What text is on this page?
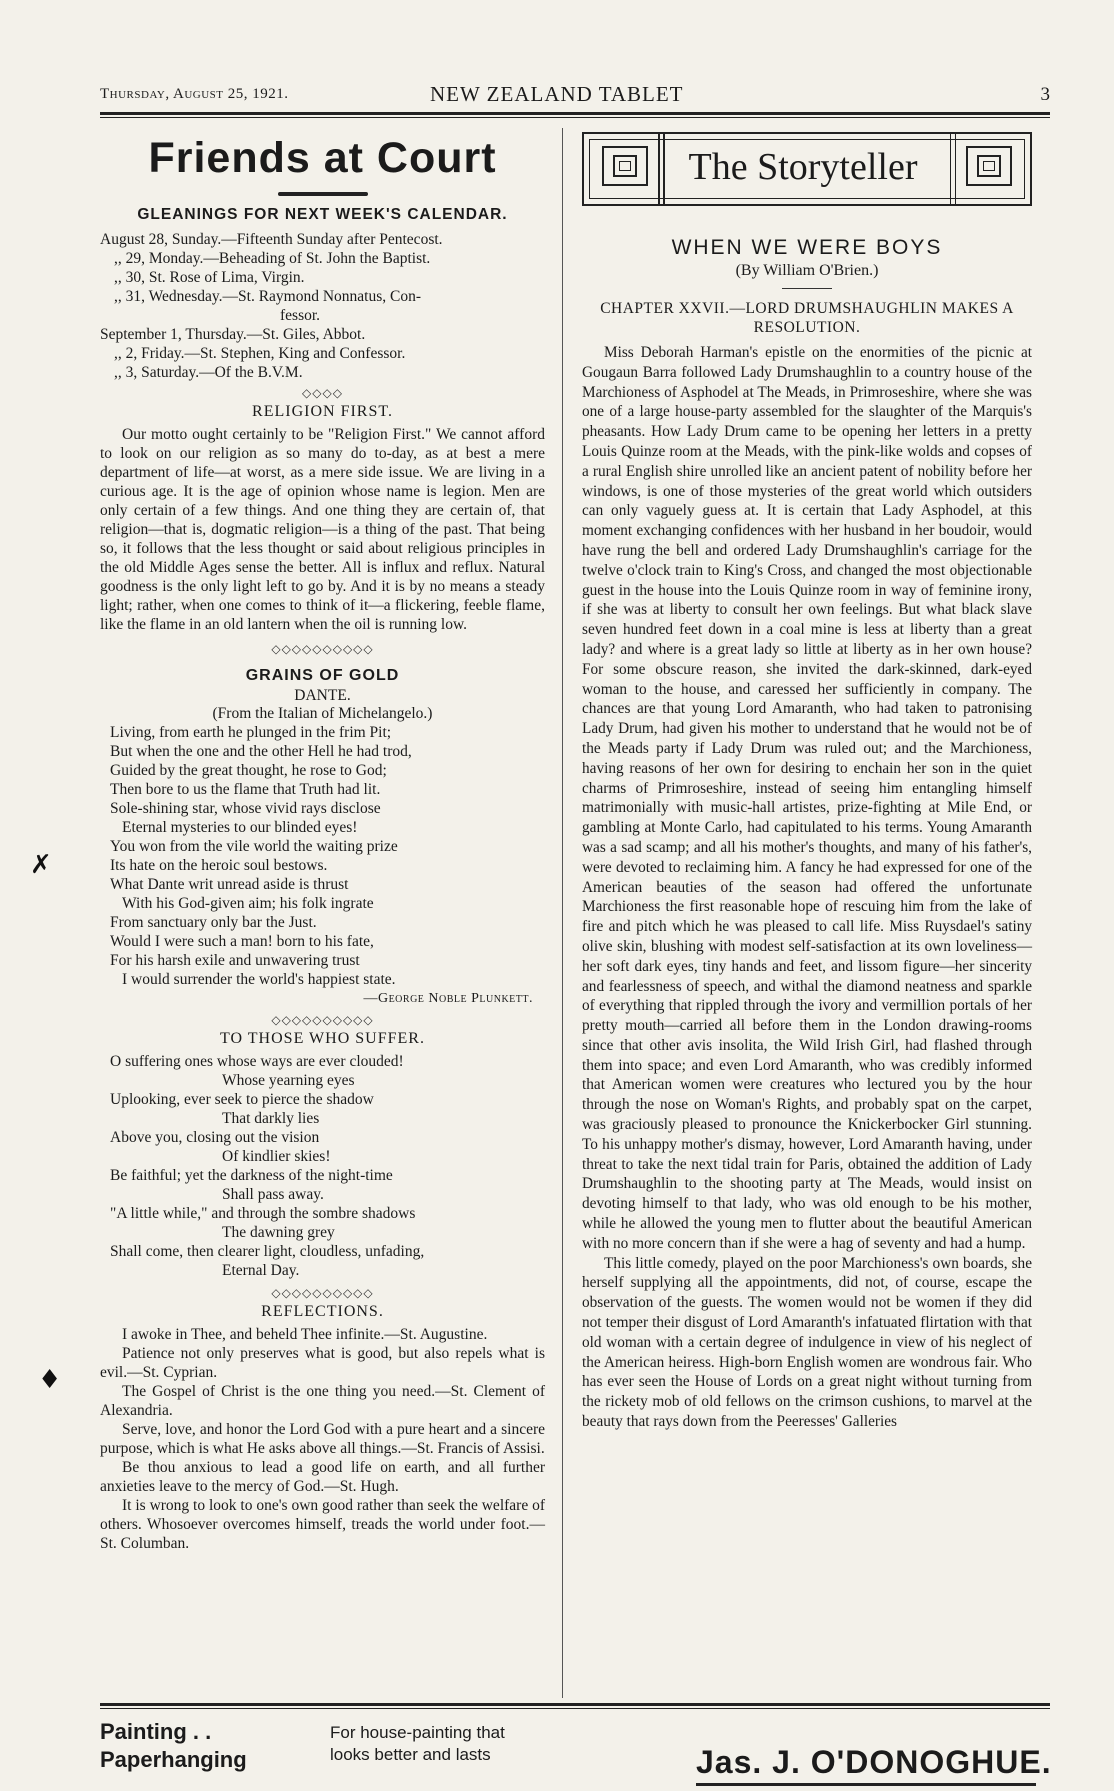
Thursday, August 25, 1921.	NEW ZEALAND TABLET	3
Friends at Court
GLEANINGS FOR NEXT WEEK'S CALENDAR.
August 28, Sunday.—Fifteenth Sunday after Pentecost.
,, 29, Monday.—Beheading of St. John the Baptist.
,, 30, St. Rose of Lima, Virgin.
,, 31, Wednesday.—St. Raymond Nonnatus, Con-
fessor.
September 1, Thursday.—St. Giles, Abbot.
,, 2, Friday.—St. Stephen, King and Confessor.
,, 3, Saturday.—Of the B.V.M.
◇◇◇◇
RELIGION FIRST.

Our motto ought certainly to be "Religion First." We cannot afford to look on our religion as so many do to-day, as at best a mere department of life—at worst, as a mere side issue. We are living in a curious age. It is the age of opinion whose name is legion. Men are only certain of a few things. And one thing they are certain of, that religion—that is, dogmatic religion—is a thing of the past. That being so, it follows that the less thought or said about religious principles in the old Middle Ages sense the better. All is influx and reflux. Natural goodness is the only light left to go by. And it is by no means a steady light; rather, when one comes to think of it—a flickering, feeble flame, like the flame in an old lantern when the oil is running low.

◇◇◇◇◇◇◇◇◇◇
GRAINS OF GOLD
DANTE.
(From the Italian of Michelangelo.)
Living, from earth he plunged in the frim Pit;
But when the one and the other Hell he had trod,
Guided by the great thought, he rose to God;
Then bore to us the flame that Truth had lit.
Sole-shining star, whose vivid rays disclose
Eternal mysteries to our blinded eyes!
You won from the vile world the waiting prize
Its hate on the heroic soul bestows.
What Dante writ unread aside is thrust
With his God-given aim; his folk ingrate
From sanctuary only bar the Just.
Would I were such a man! born to his fate,
For his harsh exile and unwavering trust
I would surrender the world's happiest state.
—George Noble Plunkett.
◇◇◇◇◇◇◇◇◇◇
TO THOSE WHO SUFFER.
O suffering ones whose ways are ever clouded!
Whose yearning eyes
Uplooking, ever seek to pierce the shadow
That darkly lies
Above you, closing out the vision
Of kindlier skies!
Be faithful; yet the darkness of the night-time
Shall pass away.
"A little while," and through the sombre shadows
The dawning grey
Shall come, then clearer light, cloudless, unfading,
Eternal Day.
◇◇◇◇◇◇◇◇◇◇
REFLECTIONS.

I awoke in Thee, and beheld Thee infinite.—St. Augustine.

Patience not only preserves what is good, but also repels what is evil.—St. Cyprian.

The Gospel of Christ is the one thing you need.—St. Clement of Alexandria.

Serve, love, and honor the Lord God with a pure heart and a sincere purpose, which is what He asks above all things.—St. Francis of Assisi.

Be thou anxious to lead a good life on earth, and all further anxieties leave to the mercy of God.—St. Hugh.

It is wrong to look to one's own good rather than seek the welfare of others. Whosoever overcomes himself, treads the world under foot.—St. Columban.

The Storyteller
WHEN WE WERE BOYS
(By William O'Brien.)
CHAPTER XXVII.—LORD DRUMSHAUGHLIN MAKES A RESOLUTION.

Miss Deborah Harman's epistle on the enormities of the picnic at Gougaun Barra followed Lady Drumshaughlin to a country house of the Marchioness of Asphodel at The Meads, in Primroseshire, where she was one of a large house-party assembled for the slaughter of the Marquis's pheasants. How Lady Drum came to be opening her letters in a pretty Louis Quinze room at the Meads, with the pink-like wolds and copses of a rural English shire unrolled like an ancient patent of nobility before her windows, is one of those mysteries of the great world which outsiders can only vaguely guess at. It is certain that Lady Asphodel, at this moment exchanging confidences with her husband in her boudoir, would have rung the bell and ordered Lady Drumshaughlin's carriage for the twelve o'clock train to King's Cross, and changed the most objectionable guest in the house into the Louis Quinze room in way of feminine irony, if she was at liberty to consult her own feelings. But what black slave seven hundred feet down in a coal mine is less at liberty than a great lady? and where is a great lady so little at liberty as in her own house? For some obscure reason, she invited the dark-skinned, dark-eyed woman to the house, and caressed her sufficiently in company. The chances are that young Lord Amaranth, who had taken to patronising Lady Drum, had given his mother to understand that he would not be of the Meads party if Lady Drum was ruled out; and the Marchioness, having reasons of her own for desiring to enchain her son in the quiet charms of Primroseshire, instead of seeing him entangling himself matrimonially with music-hall artistes, prize-fighting at Mile End, or gambling at Monte Carlo, had capitulated to his terms. Young Amaranth was a sad scamp; and all his mother's thoughts, and many of his father's, were devoted to reclaiming him. A fancy he had expressed for one of the American beauties of the season had offered the unfortunate Marchioness the first reasonable hope of rescuing him from the lake of fire and pitch which he was pleased to call life. Miss Ruysdael's satiny olive skin, blushing with modest self-satisfaction at its own loveliness—her soft dark eyes, tiny hands and feet, and lissom figure—her sincerity and fearlessness of speech, and withal the diamond neatness and sparkle of everything that rippled through the ivory and vermillion portals of her pretty mouth—carried all before them in the London drawing-rooms since that other avis insolita, the Wild Irish Girl, had flashed through them into space; and even Lord Amaranth, who was credibly informed that American women were creatures who lectured you by the hour through the nose on Woman's Rights, and probably spat on the carpet, was graciously pleased to pronounce the Knickerbocker Girl stunning. To his unhappy mother's dismay, however, Lord Amaranth having, under threat to take the next tidal train for Paris, obtained the addition of Lady Drumshaughlin to the shooting party at The Meads, would insist on devoting himself to that lady, who was old enough to be his mother, while he allowed the young men to flutter about the beautiful American with no more concern than if she were a hag of seventy and had a hump.

This little comedy, played on the poor Marchioness's own boards, she herself supplying all the appointments, did not, of course, escape the observation of the guests. The women would not be women if they did not temper their disgust of Lord Amaranth's infatuated flirtation with that old woman with a certain degree of indulgence in view of his neglect of the American heiress. High-born English women are wondrous fair. Who has ever seen the House of Lords on a great night without turning from the rickety mob of old fellows on the crimson cushions, to marvel at the beauty that rays down from the Peeresses' Galleries

Painting . .
Paperhanging
For house-painting that
looks better and lasts	Jas. J. O'DONOGHUE.
✗
♦
